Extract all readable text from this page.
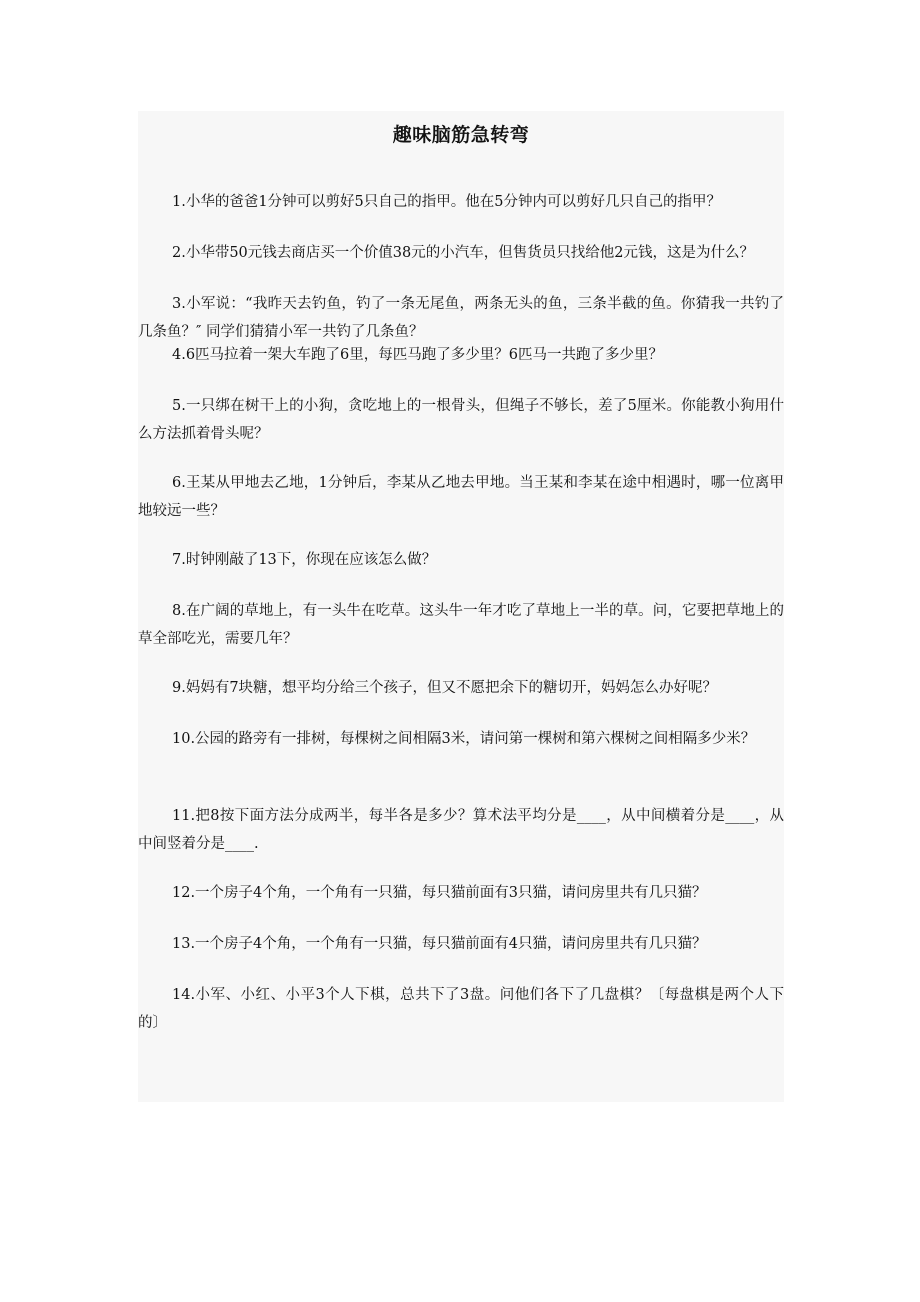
趣味脑筋急转弯
1.小华的爸爸1分钟可以剪好5只自己的指甲。他在5分钟内可以剪好几只自己的指甲？
2.小华带50元钱去商店买一个价值38元的小汽车，但售货员只找给他2元钱，这是为什么？
3.小军说：“我昨天去钓鱼，钓了一条无尾鱼，两条无头的鱼，三条半截的鱼。你猜我一共钓了几条鱼？″ 同学们猜猜小军一共钓了几条鱼？
4.6匹马拉着一架大车跑了6里，每匹马跑了多少里？6匹马一共跑了多少里？
5.一只绑在树干上的小狗，贪吃地上的一根骨头，但绳子不够长，差了5厘米。你能教小狗用什么方法抓着骨头呢？
6.王某从甲地去乙地，1分钟后，李某从乙地去甲地。当王某和李某在途中相遇时，哪一位离甲地较远一些？
7.时钟刚敲了13下，你现在应该怎么做？
8.在广阔的草地上，有一头牛在吃草。这头牛一年才吃了草地上一半的草。问，它要把草地上的草全部吃光，需要几年？
9.妈妈有7块糖，想平均分给三个孩子，但又不愿把余下的糖切开，妈妈怎么办好呢？
10.公园的路旁有一排树，每棵树之间相隔3米，请问第一棵树和第六棵树之间相隔多少米？
11.把8按下面方法分成两半，每半各是多少？算术法平均分是____，从中间横着分是____，从中间竖着分是____.
12.一个房子4个角，一个角有一只猫，每只猫前面有3只猫，请问房里共有几只猫？
13.一个房子4个角，一个角有一只猫，每只猫前面有4只猫，请问房里共有几只猫？
14.小军、小红、小平3个人下棋，总共下了3盘。问他们各下了几盘棋？〔每盘棋是两个人下的〕
